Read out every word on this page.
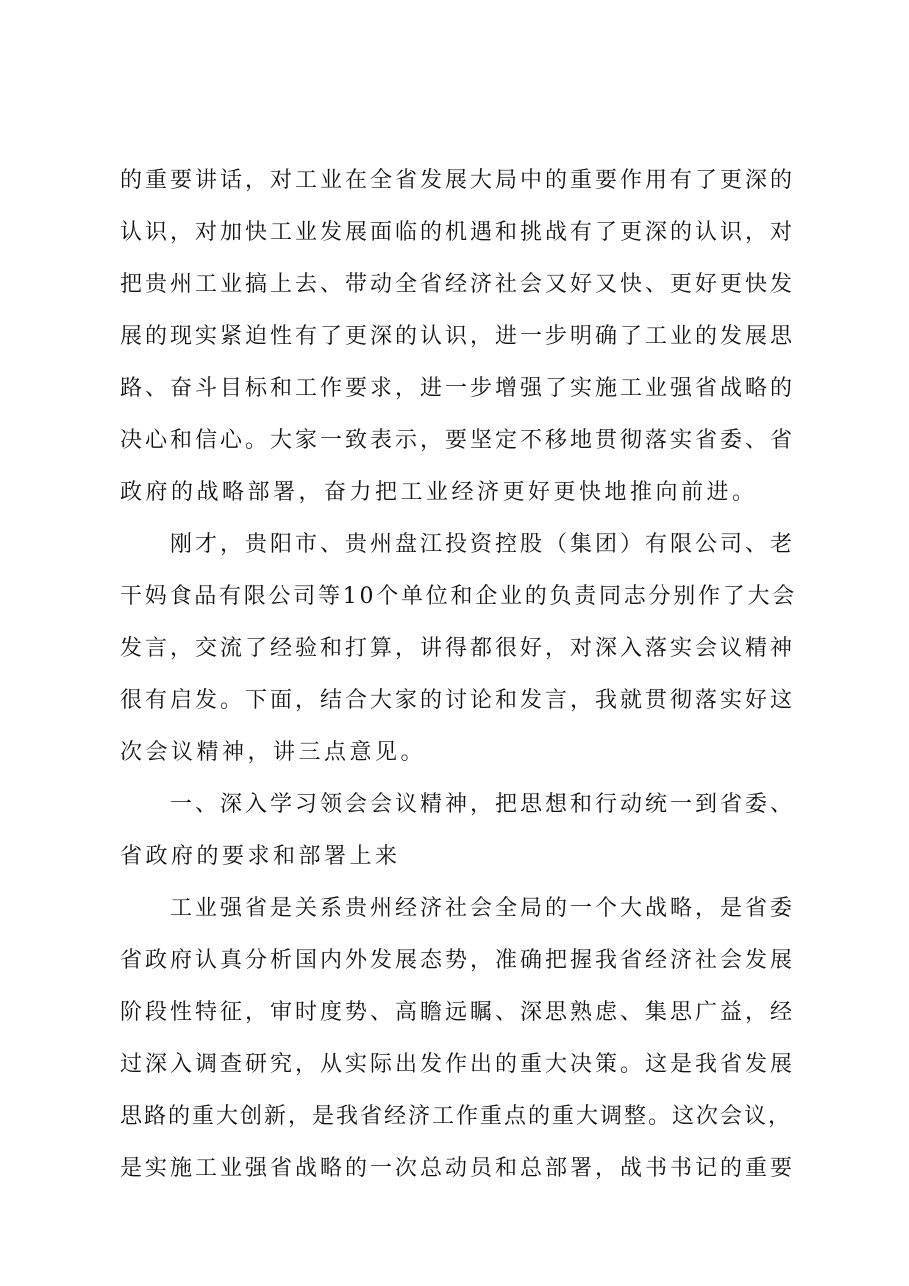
的重要讲话，对工业在全省发展大局中的重要作用有了更深的
认识，对加快工业发展面临的机遇和挑战有了更深的认识，对
把贵州工业搞上去、带动全省经济社会又好又快、更好更快发
展的现实紧迫性有了更深的认识，进一步明确了工业的发展思
路、奋斗目标和工作要求，进一步增强了实施工业强省战略的
决心和信心。大家一致表示，要坚定不移地贯彻落实省委、省
政府的战略部署，奋力把工业经济更好更快地推向前进。
刚才，贵阳市、贵州盘江投资控股（集团）有限公司、老
干妈食品有限公司等10个单位和企业的负责同志分别作了大会
发言，交流了经验和打算，讲得都很好，对深入落实会议精神
很有启发。下面，结合大家的讨论和发言，我就贯彻落实好这
次会议精神，讲三点意见。
一、深入学习领会会议精神，把思想和行动统一到省委、
省政府的要求和部署上来
工业强省是关系贵州经济社会全局的一个大战略，是省委
省政府认真分析国内外发展态势，准确把握我省经济社会发展
阶段性特征，审时度势、高瞻远瞩、深思熟虑、集思广益，经
过深入调查研究，从实际出发作出的重大决策。这是我省发展
思路的重大创新，是我省经济工作重点的重大调整。这次会议，
是实施工业强省战略的一次总动员和总部署，战书书记的重要
